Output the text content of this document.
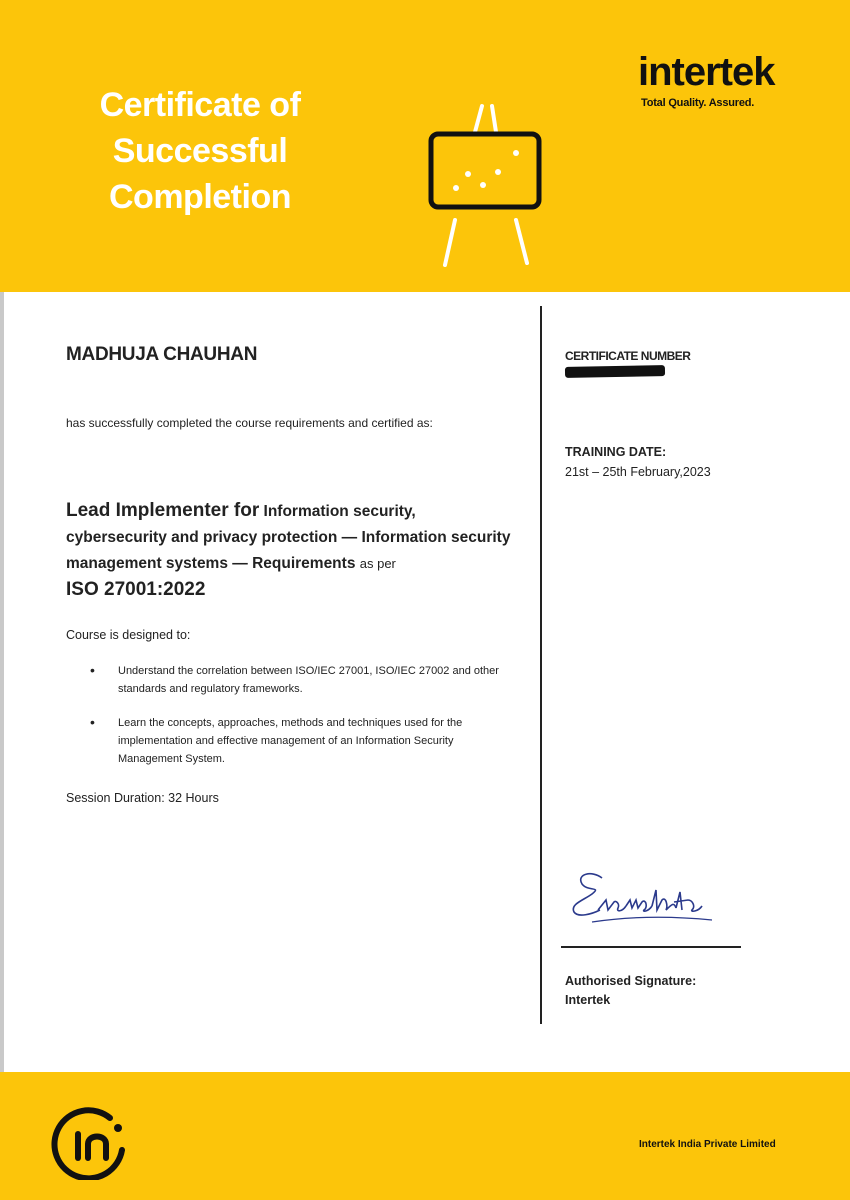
Certificate of
Successful
Completion
intertek
Total Quality. Assured.
MADHUJA CHAUHAN
has successfully completed the course requirements and certified as:
Lead Implementer for Information security, cybersecurity and privacy protection — Information security management systems — Requirements as per
ISO 27001:2022
Course is designed to:
• Understand the correlation between ISO/IEC 27001, ISO/IEC 27002 and other standards and regulatory frameworks.
• Learn the concepts, approaches, methods and techniques used for the implementation and effective management of an Information Security Management System.
Session Duration: 32 Hours
CERTIFICATE NUMBER
TRAINING DATE:
21st – 25th February,2023
Authorised Signature:
Intertek
Intertek India Private Limited
